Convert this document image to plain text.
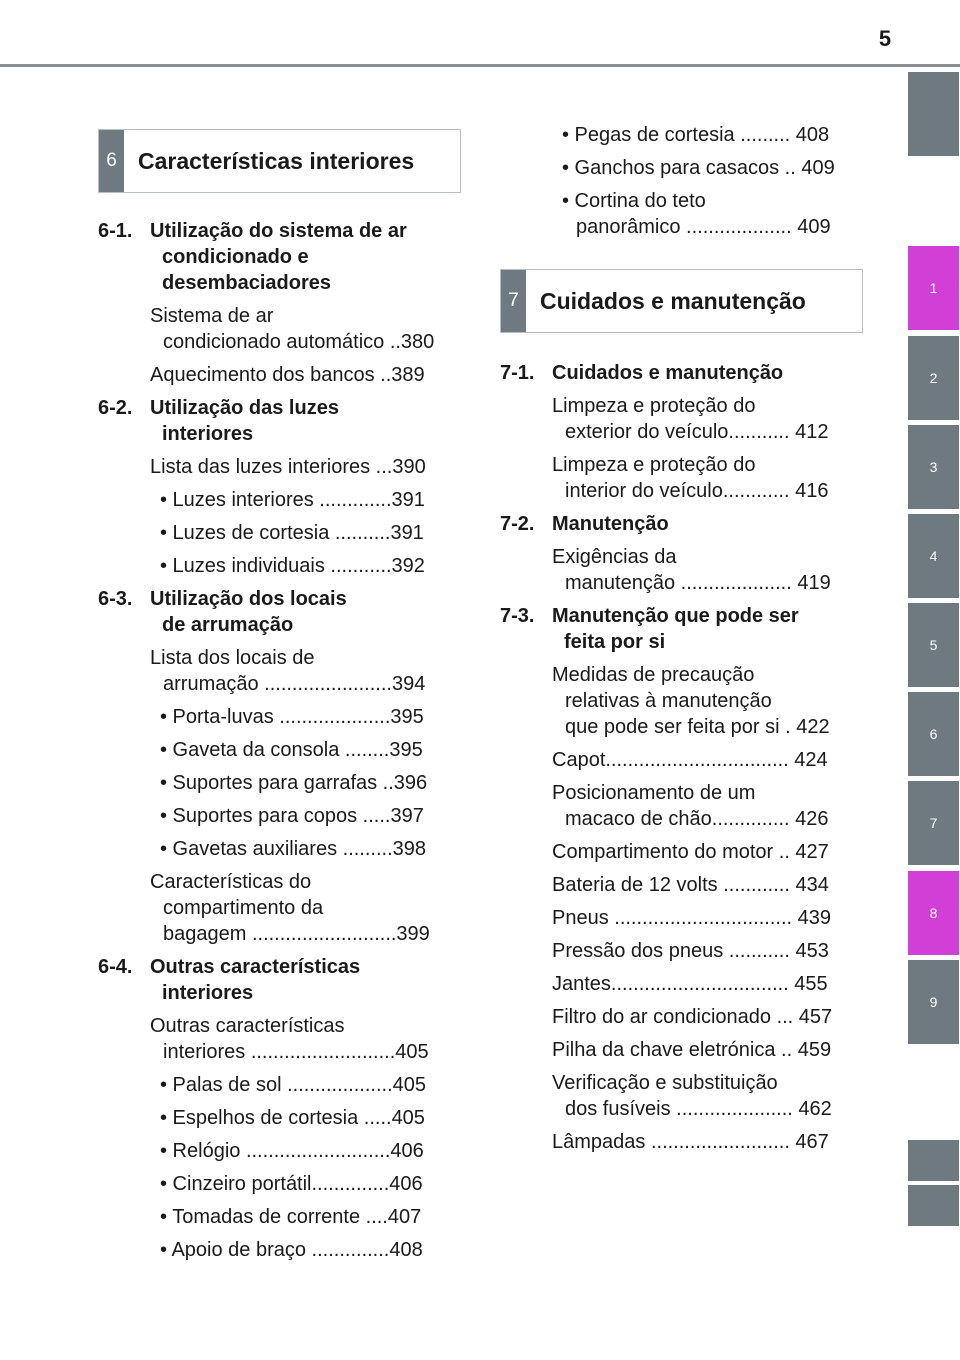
5
1
2
3
4
5
6
7
8
9
6 Características interiores
7 Cuidados e manutenção
6-1. Utilização do sistema de ar
condicionado e
desembaciadores
Sistema de ar
condicionado automático ..380
Aquecimento dos bancos ..389
6-2. Utilização das luzes
interiores
Lista das luzes interiores ...390
• Luzes interiores .............391
• Luzes de cortesia ..........391
• Luzes individuais ...........392
6-3. Utilização dos locais
de arrumação
Lista dos locais de
arrumação .......................394
• Porta-luvas ....................395
• Gaveta da consola ........395
• Suportes para garrafas ..396
• Suportes para copos .....397
• Gavetas auxiliares .........398
Características do
compartimento da
bagagem ..........................399
6-4. Outras características
interiores
Outras características
interiores ..........................405
• Palas de sol ...................405
• Espelhos de cortesia .....405
• Relógio ..........................406
• Cinzeiro portátil..............406
• Tomadas de corrente ....407
• Apoio de braço ..............408
• Pegas de cortesia ......... 408
• Ganchos para casacos .. 409
• Cortina do teto
panorâmico ................... 409
7-1. Cuidados e manutenção
Limpeza e proteção do
exterior do veículo........... 412
Limpeza e proteção do
interior do veículo............ 416
7-2. Manutenção
Exigências da
manutenção .................... 419
7-3. Manutenção que pode ser
feita por si
Medidas de precaução
relativas à manutenção
que pode ser feita por si . 422
Capot................................. 424
Posicionamento de um
macaco de chão.............. 426
Compartimento do motor .. 427
Bateria de 12 volts ............ 434
Pneus ................................ 439
Pressão dos pneus ........... 453
Jantes................................ 455
Filtro do ar condicionado ... 457
Pilha da chave eletrónica .. 459
Verificação e substituição
dos fusíveis ..................... 462
Lâmpadas ......................... 467
